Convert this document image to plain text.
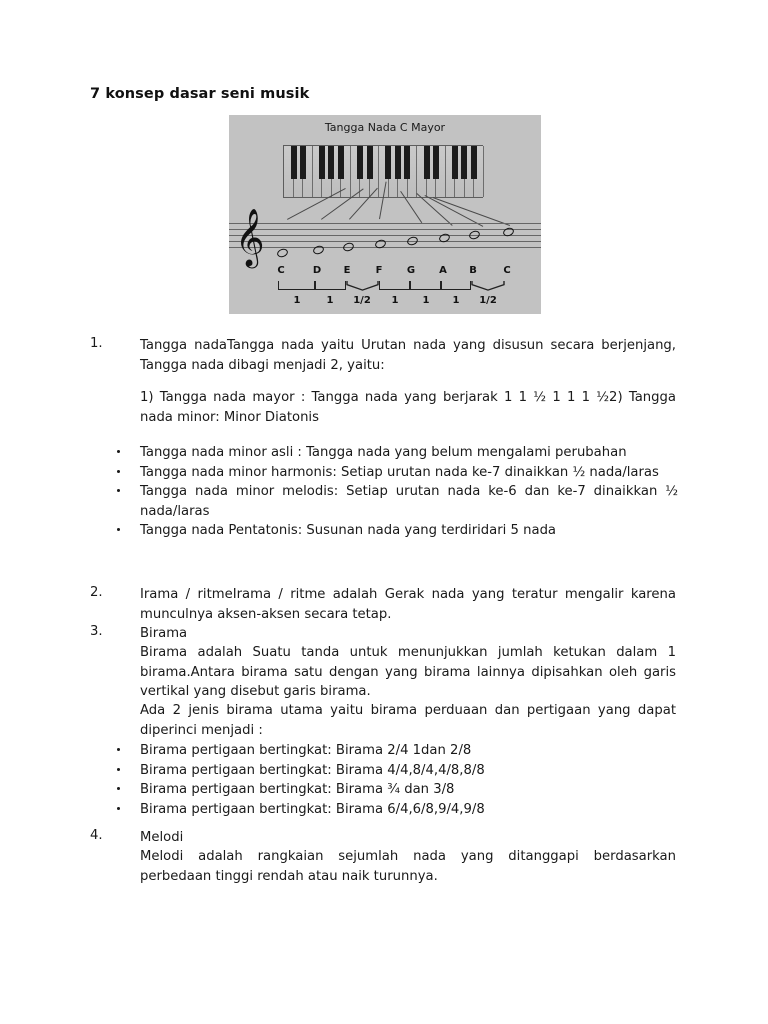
7 konsep dasar seni musik
Tangga Nada C Mayor
𝄞
C	D	E	F	G	A	B	C
1	1	1/2	1	1	1	1/2
1.	Tangga nadaTangga nada yaitu Urutan nada yang disusun secara berjenjang, Tangga nada dibagi menjadi 2, yaitu:
1) Tangga nada mayor : Tangga nada yang berjarak 1 1 ½ 1 1 1 ½2) Tangga nada minor: Minor Diatonis
Tangga nada minor asli : Tangga nada yang belum mengalami perubahan
Tangga nada minor harmonis: Setiap urutan nada ke-7 dinaikkan ½ nada/laras
Tangga nada minor melodis: Setiap urutan nada ke-6 dan ke-7 dinaikkan ½ nada/laras
Tangga nada Pentatonis: Susunan nada yang terdiridari 5 nada
2.	Irama / ritmeIrama / ritme adalah Gerak nada yang teratur mengalir karena munculnya aksen-aksen secara tetap.
3.	Birama
Birama adalah Suatu tanda untuk menunjukkan jumlah ketukan dalam 1 birama.Antara birama satu dengan yang birama lainnya dipisahkan oleh garis vertikal yang disebut garis birama.
Ada 2 jenis birama utama yaitu birama perduaan dan pertigaan yang dapat diperinci menjadi :
Birama pertigaan bertingkat: Birama 2/4 1dan 2/8
Birama pertigaan bertingkat: Birama 4/4,8/4,4/8,8/8
Birama pertigaan bertingkat: Birama ¾ dan 3/8
Birama pertigaan bertingkat: Birama 6/4,6/8,9/4,9/8
4.	Melodi
Melodi adalah rangkaian sejumlah nada yang ditanggapi berdasarkan perbedaan tinggi rendah atau naik turunnya.
